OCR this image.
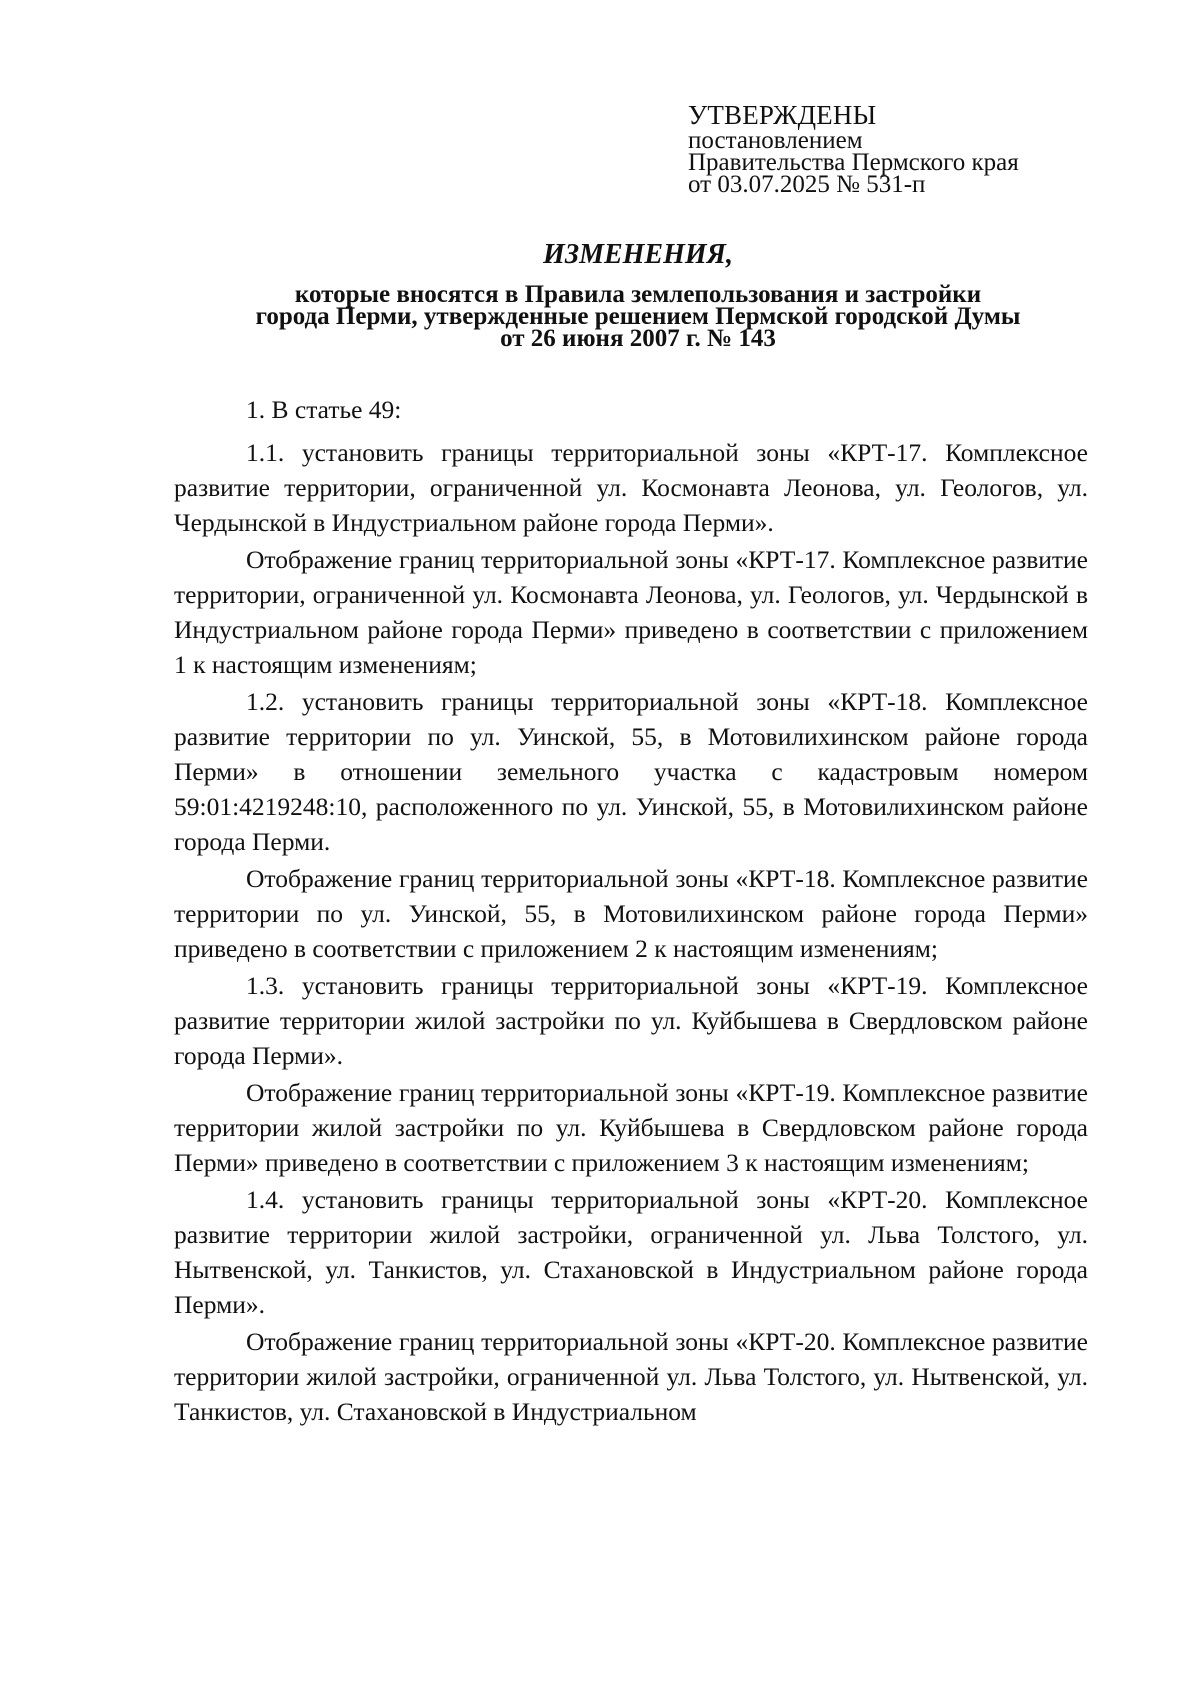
УТВЕРЖДЕНЫ
постановлением
Правительства Пермского края
от 03.07.2025 № 531-п
ИЗМЕНЕНИЯ,
которые вносятся в Правила землепользования и застройки
города Перми, утвержденные решением Пермской городской Думы
от 26 июня 2007 г. № 143

1. В статье 49:

1.1. установить границы территориальной зоны «КРТ-17. Комплексное развитие территории, ограниченной ул. Космонавта Леонова, ул. Геологов, ул. Чердынской в Индустриальном районе города Перми».

Отображение границ территориальной зоны «КРТ-17. Комплексное развитие территории, ограниченной ул. Космонавта Леонова, ул. Геологов, ул. Чердынской в Индустриальном районе города Перми» приведено в соответствии с приложением 1 к настоящим изменениям;

1.2. установить границы территориальной зоны «КРТ-18. Комплексное развитие территории по ул. Уинской, 55, в Мотовилихинском районе города Перми» в отношении земельного участка с кадастровым номером 59:01:4219248:10, расположенного по ул. Уинской, 55, в Мотовилихинском районе города Перми.

Отображение границ территориальной зоны «КРТ-18. Комплексное развитие территории по ул. Уинской, 55, в Мотовилихинском районе города Перми» приведено в соответствии с приложением 2 к настоящим изменениям;

1.3. установить границы территориальной зоны «КРТ-19. Комплексное развитие территории жилой застройки по ул. Куйбышева в Свердловском районе города Перми».

Отображение границ территориальной зоны «КРТ-19. Комплексное развитие территории жилой застройки по ул. Куйбышева в Свердловском районе города Перми» приведено в соответствии с приложением 3 к настоящим изменениям;

1.4. установить границы территориальной зоны «КРТ-20. Комплексное развитие территории жилой застройки, ограниченной ул. Льва Толстого, ул. Нытвенской, ул. Танкистов, ул. Стахановской в Индустриальном районе города Перми».

Отображение границ территориальной зоны «КРТ-20. Комплексное развитие территории жилой застройки, ограниченной ул. Льва Толстого, ул. Нытвенской, ул. Танкистов, ул. Стахановской в Индустриальном
